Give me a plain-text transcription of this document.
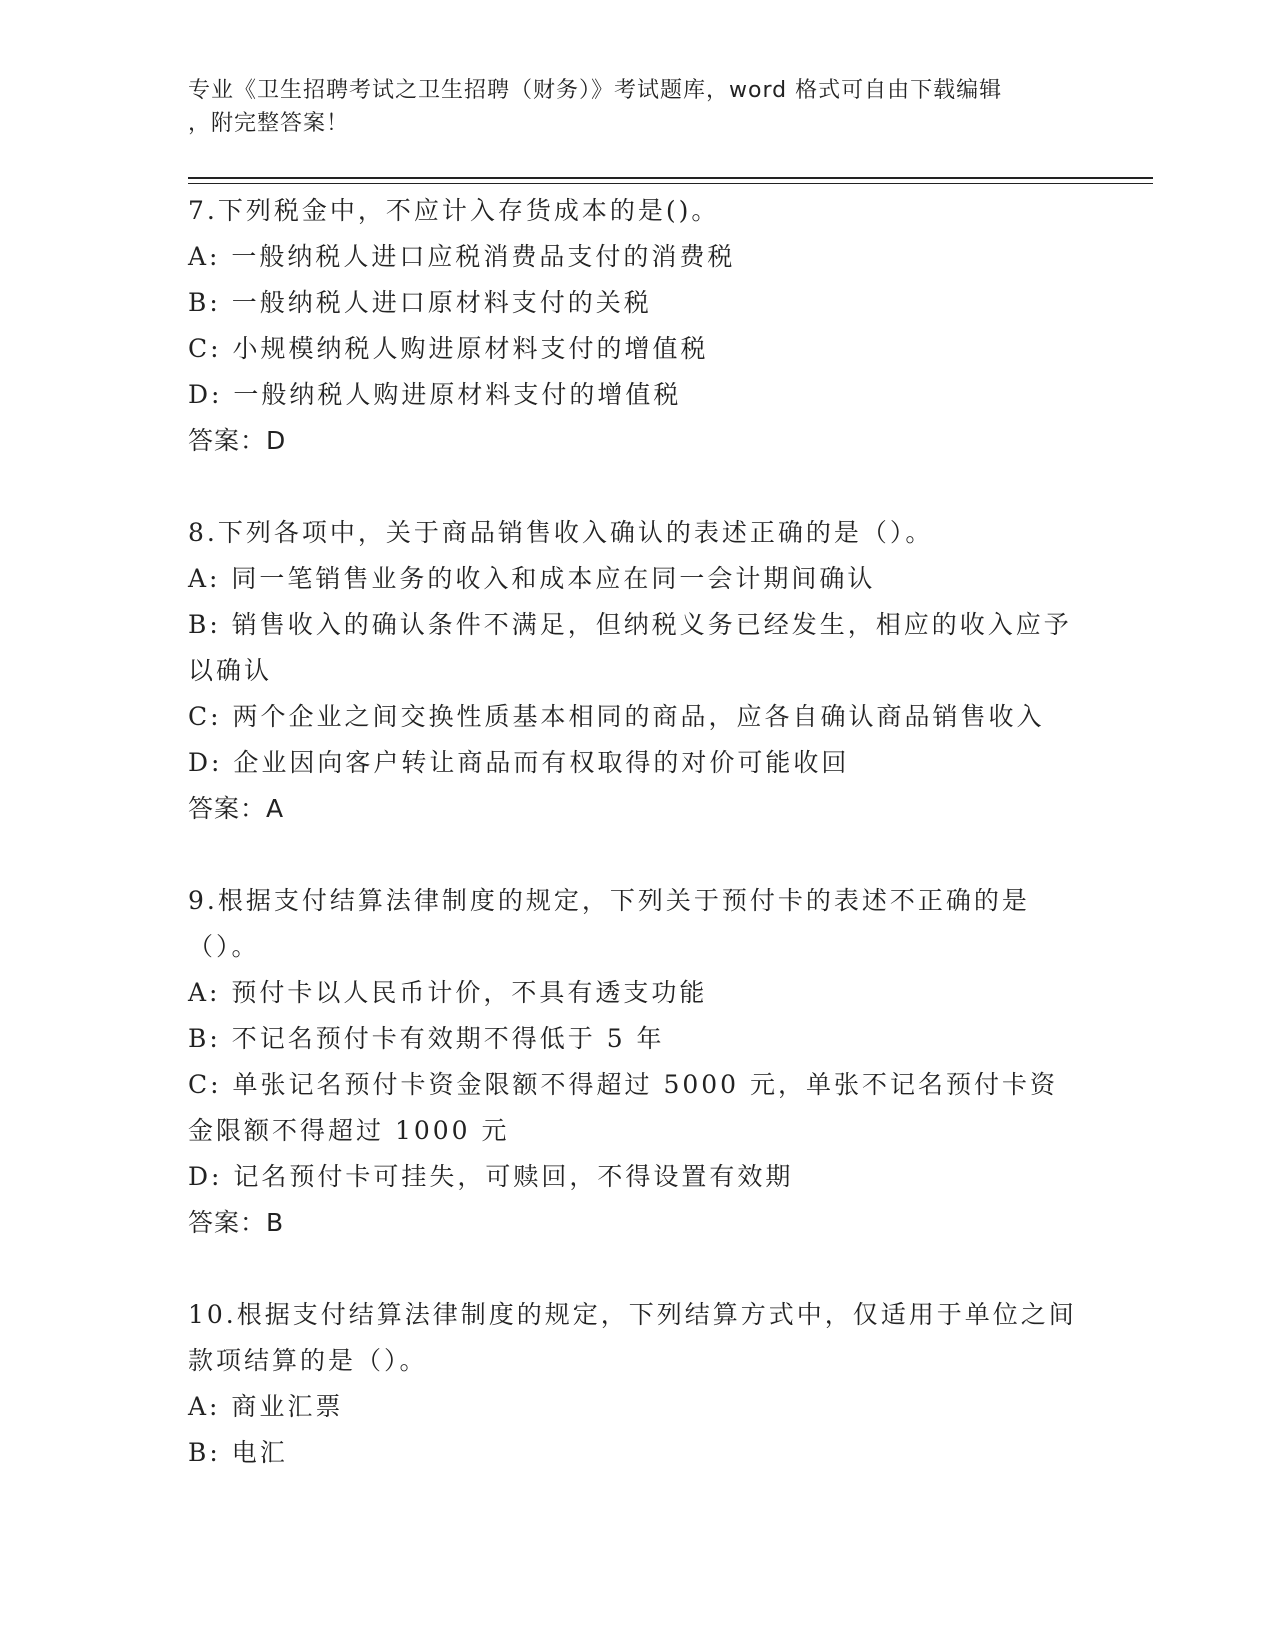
专业《卫生招聘考试之卫生招聘（财务）》考试题库，word 格式可自由下载编辑
，附完整答案！
7.下列税金中，不应计入存货成本的是()。
A: 一般纳税人进口应税消费品支付的消费税
B: 一般纳税人进口原材料支付的关税
C: 小规模纳税人购进原材料支付的增值税
D: 一般纳税人购进原材料支付的增值税
答案：D
8.下列各项中，关于商品销售收入确认的表述正确的是（）。
A: 同一笔销售业务的收入和成本应在同一会计期间确认
B: 销售收入的确认条件不满足，但纳税义务已经发生，相应的收入应予以确认
C: 两个企业之间交换性质基本相同的商品，应各自确认商品销售收入
D: 企业因向客户转让商品而有权取得的对价可能收回
答案：A
9.根据支付结算法律制度的规定，下列关于预付卡的表述不正确的是（）。
A: 预付卡以人民币计价，不具有透支功能
B: 不记名预付卡有效期不得低于 5 年
C: 单张记名预付卡资金限额不得超过 5000 元，单张不记名预付卡资金限额不得超过 1000 元
D: 记名预付卡可挂失，可赎回，不得设置有效期
答案：B
10.根据支付结算法律制度的规定，下列结算方式中，仅适用于单位之间款项结算的是（）。
A: 商业汇票
B: 电汇
